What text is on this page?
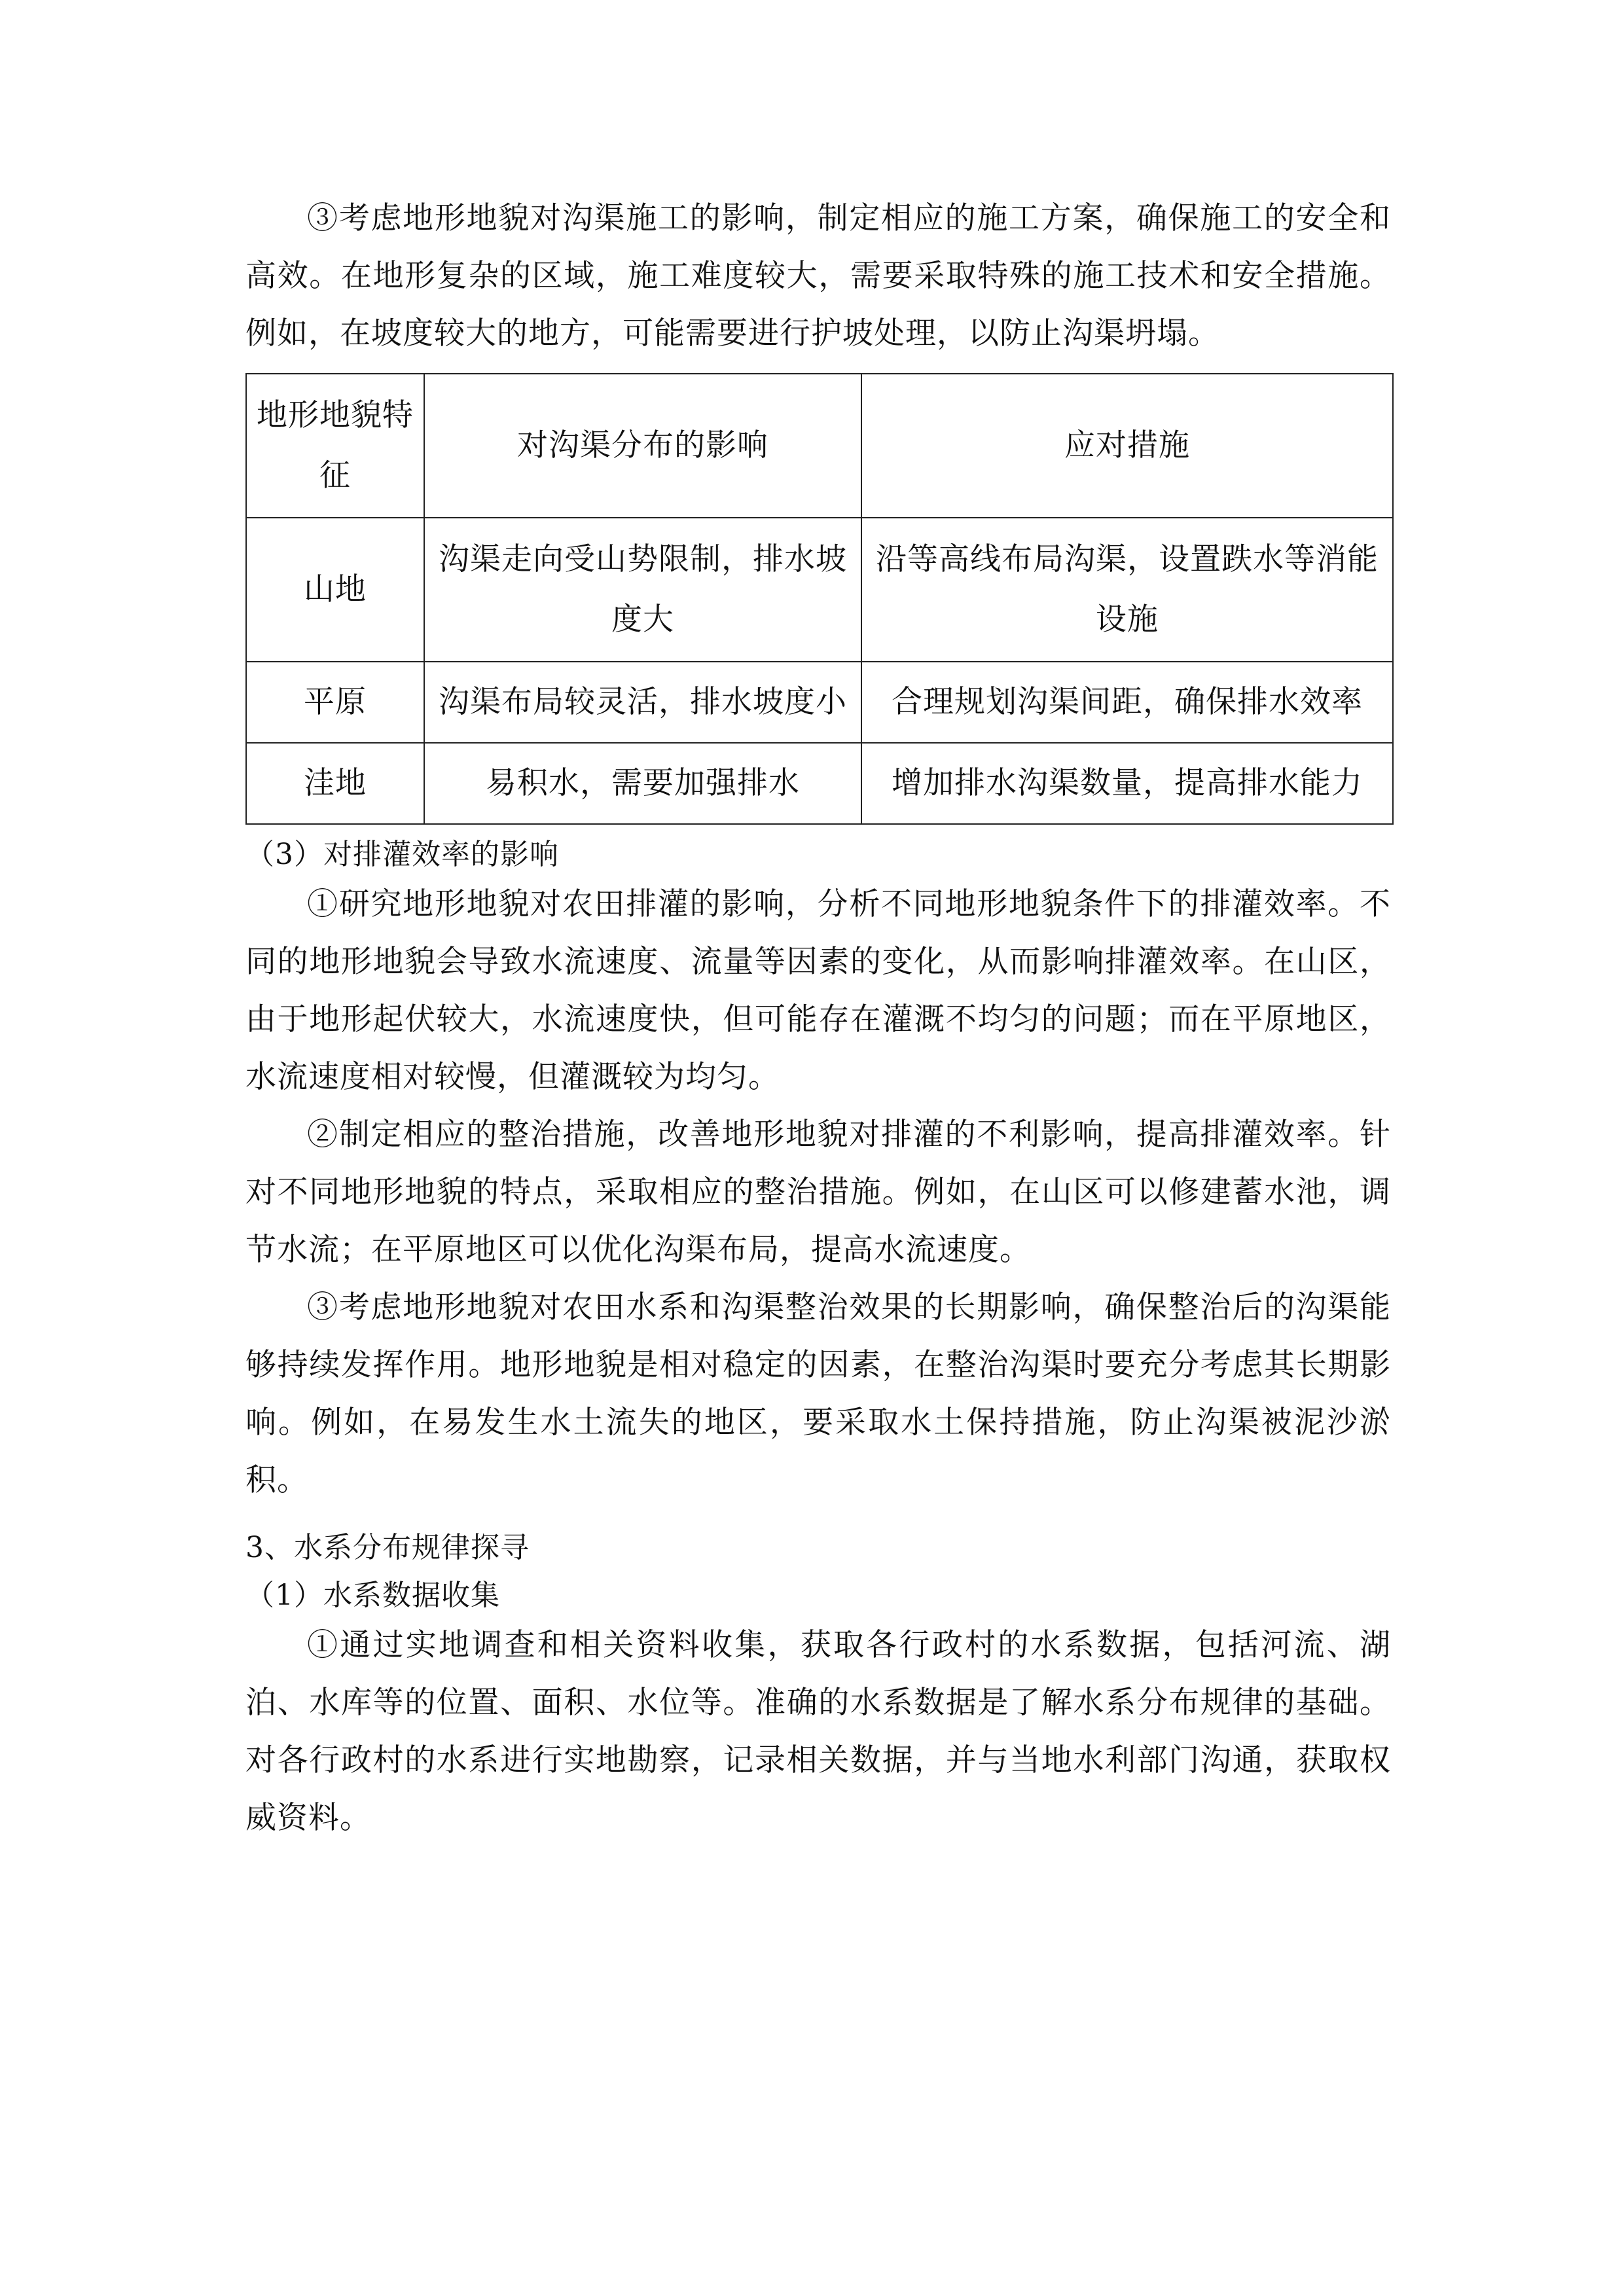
③考虑地形地貌对沟渠施工的影响，制定相应的施工方案，确保施工的安全和高效。在地形复杂的区域，施工难度较大，需要采取特殊的施工技术和安全措施。例如，在坡度较大的地方，可能需要进行护坡处理，以防止沟渠坍塌。

地形地貌特征	对沟渠分布的影响	应对措施
山地	沟渠走向受山势限制，排水坡度大	沿等高线布局沟渠，设置跌水等消能设施
平原	沟渠布局较灵活，排水坡度小	合理规划沟渠间距，确保排水效率
洼地	易积水，需要加强排水	增加排水沟渠数量，提高排水能力

（3）对排灌效率的影响

①研究地形地貌对农田排灌的影响，分析不同地形地貌条件下的排灌效率。不同的地形地貌会导致水流速度、流量等因素的变化，从而影响排灌效率。在山区，由于地形起伏较大，水流速度快，但可能存在灌溉不均匀的问题；而在平原地区，水流速度相对较慢，但灌溉较为均匀。

②制定相应的整治措施，改善地形地貌对排灌的不利影响，提高排灌效率。针对不同地形地貌的特点，采取相应的整治措施。例如，在山区可以修建蓄水池，调节水流；在平原地区可以优化沟渠布局，提高水流速度。

③考虑地形地貌对农田水系和沟渠整治效果的长期影响，确保整治后的沟渠能够持续发挥作用。地形地貌是相对稳定的因素，在整治沟渠时要充分考虑其长期影响。例如，在易发生水土流失的地区，要采取水土保持措施，防止沟渠被泥沙淤积。

3、水系分布规律探寻

（1）水系数据收集

①通过实地调查和相关资料收集，获取各行政村的水系数据，包括河流、湖泊、水库等的位置、面积、水位等。准确的水系数据是了解水系分布规律的基础。对各行政村的水系进行实地勘察，记录相关数据，并与当地水利部门沟通，获取权威资料。
